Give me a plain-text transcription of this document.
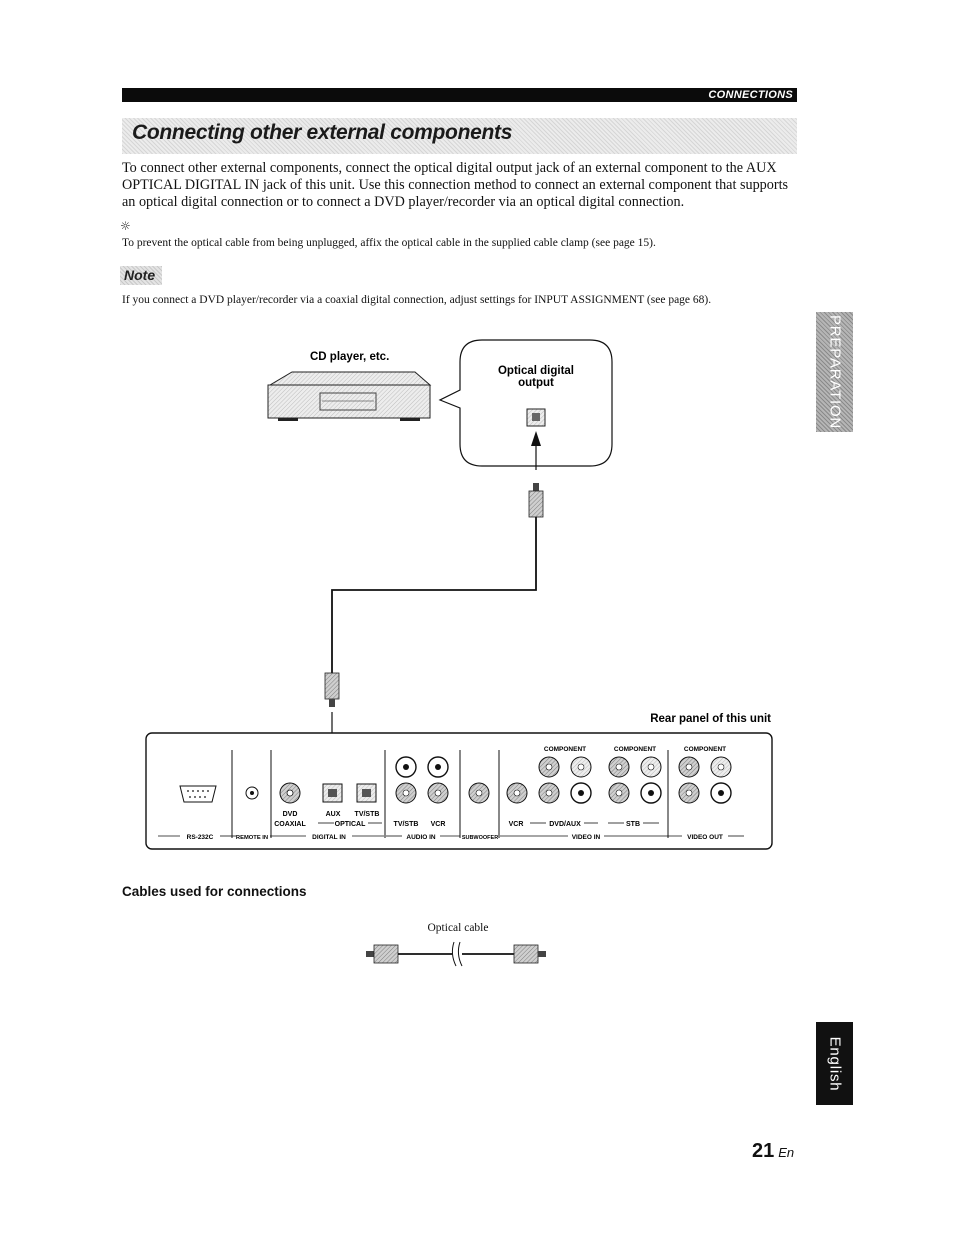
CONNECTIONS
Connecting other external components
To connect other external components, connect the optical digital output jack of an external component to the AUX OPTICAL DIGITAL IN jack of this unit. Use this connection method to connect an external component that supports an optical digital connection or to connect a DVD player/recorder via an optical digital connection.
☼
To prevent the optical cable from being unplugged, affix the optical cable in the supplied cable clamp (see page 15).
Note
If you connect a DVD player/recorder via a coaxial digital connection, adjust settings for INPUT ASSIGNMENT (see page 68).
PREPARATION
English
CD player, etc.
Optical digital
output
Rear panel of this unit
COMPONENT	COMPONENT	COMPONENT
DVD
COAXIAL
AUX TV/STB
OPTICAL	TV/STB VCR	VCR	DVD/AUX	STB
RS-232C	REMOTE IN	DIGITAL IN	AUDIO IN	SUBWOOFER	VIDEO IN	VIDEO OUT
Cables used for connections
Optical cable
21 En
